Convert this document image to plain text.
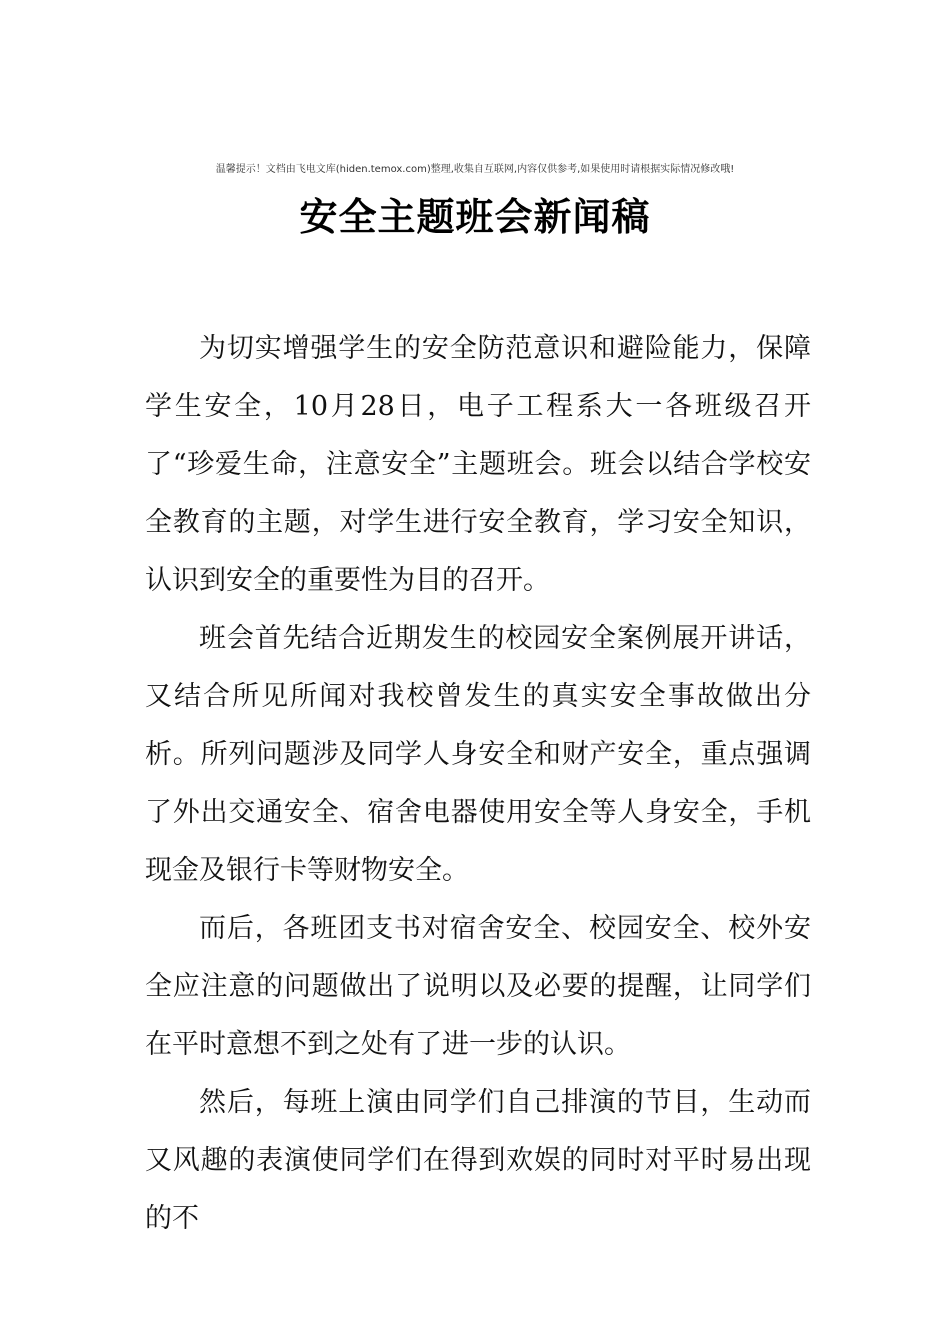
温馨提示！文档由飞电文库(hiden.temox.com)整理,收集自互联网,内容仅供参考,如果使用时请根据实际情况修改哦!
安全主题班会新闻稿

为切实增强学生的安全防范意识和避险能力，保障学生安全，10月28日，电子工程系大一各班级召开了“珍爱生命，注意安全”主题班会。班会以结合学校安全教育的主题，对学生进行安全教育，学习安全知识，认识到安全的重要性为目的召开。

班会首先结合近期发生的校园安全案例展开讲话，又结合所见所闻对我校曾发生的真实安全事故做出分析。所列问题涉及同学人身安全和财产安全，重点强调了外出交通安全、宿舍电器使用安全等人身安全，手机现金及银行卡等财物安全。

而后，各班团支书对宿舍安全、校园安全、校外安全应注意的问题做出了说明以及必要的提醒，让同学们在平时意想不到之处有了进一步的认识。

然后，每班上演由同学们自己排演的节目，生动而又风趣的表演使同学们在得到欢娱的同时对平时易出现的不
